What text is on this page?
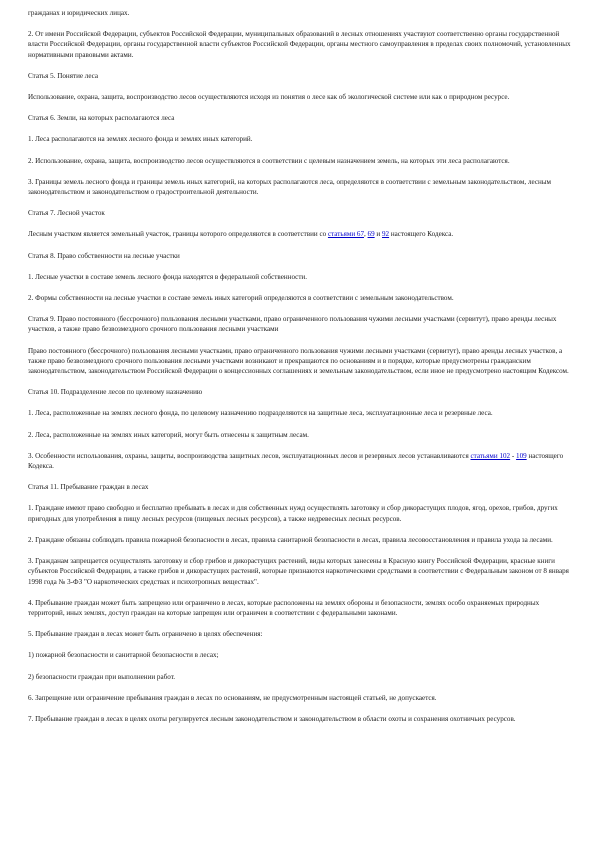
гражданах и юридических лицах.

2. От имени Российской Федерации, субъектов Российской Федерации, муниципальных образований в лесных отношениях участвуют соответственно органы государственной власти Российской Федерации, органы государственной власти субъектов Российской Федерации, органы местного самоуправления в пределах своих полномочий, установленных нормативными правовыми актами.

Статья 5. Понятие леса

Использование, охрана, защита, воспроизводство лесов осуществляются исходя из понятия о лесе как об экологической системе или как о природном ресурсе.

Статья 6. Земли, на которых располагаются леса

1. Леса располагаются на землях лесного фонда и землях иных категорий.

2. Использование, охрана, защита, воспроизводство лесов осуществляются в соответствии с целевым назначением земель, на которых эти леса располагаются.

3. Границы земель лесного фонда и границы земель иных категорий, на которых располагаются леса, определяются в соответствии с земельным законодательством, лесным законодательством и законодательством о градостроительной деятельности.

Статья 7. Лесной участок

Лесным участком является земельный участок, границы которого определяются в соответствии со статьями 67, 69 и 92 настоящего Кодекса.

Статья 8. Право собственности на лесные участки

1. Лесные участки в составе земель лесного фонда находятся в федеральной собственности.

2. Формы собственности на лесные участки в составе земель иных категорий определяются в соответствии с земельным законодательством.

Статья 9. Право постоянного (бессрочного) пользования лесными участками, право ограниченного пользования чужими лесными участками (сервитут), право аренды лесных участков, а также право безвозмездного срочного пользования лесными участками

Право постоянного (бессрочного) пользования лесными участками, право ограниченного пользования чужими лесными участками (сервитут), право аренды лесных участков, а также право безвозмездного срочного пользования лесными участками возникают и прекращаются по основаниям и в порядке, которые предусмотрены гражданским законодательством, законодательством Российской Федерации о концессионных соглашениях и земельным законодательством, если иное не предусмотрено настоящим Кодексом.

Статья 10. Подразделение лесов по целевому назначению

1. Леса, расположенные на землях лесного фонда, по целевому назначению подразделяются на защитные леса, эксплуатационные леса и резервные леса.

2. Леса, расположенные на землях иных категорий, могут быть отнесены к защитным лесам.

3. Особенности использования, охраны, защиты, воспроизводства защитных лесов, эксплуатационных лесов и резервных лесов устанавливаются статьями 102 - 109 настоящего Кодекса.

Статья 11. Пребывание граждан в лесах

1. Граждане имеют право свободно и бесплатно пребывать в лесах и для собственных нужд осуществлять заготовку и сбор дикорастущих плодов, ягод, орехов, грибов, других пригодных для употребления в пищу лесных ресурсов (пищевых лесных ресурсов), а также недревесных лесных ресурсов.

2. Граждане обязаны соблюдать правила пожарной безопасности в лесах, правила санитарной безопасности в лесах, правила лесовосстановления и правила ухода за лесами.

3. Гражданам запрещается осуществлять заготовку и сбор грибов и дикорастущих растений, виды которых занесены в Красную книгу Российской Федерации, красные книги субъектов Российской Федерации, а также грибов и дикорастущих растений, которые признаются наркотическими средствами в соответствии с Федеральным законом от 8 января 1998 года № 3-ФЗ "О наркотических средствах и психотропных веществах".

4. Пребывание граждан может быть запрещено или ограничено в лесах, которые расположены на землях обороны и безопасности, землях особо охраняемых природных территорий, иных землях, доступ граждан на которые запрещен или ограничен в соответствии с федеральными законами.

5. Пребывание граждан в лесах может быть ограничено в целях обеспечения:

1) пожарной безопасности и санитарной безопасности в лесах;

2) безопасности граждан при выполнении работ.

6. Запрещение или ограничение пребывания граждан в лесах по основаниям, не предусмотренным настоящей статьей, не допускается.

7. Пребывание граждан в лесах в целях охоты регулируется лесным законодательством и законодательством в области охоты и сохранения охотничьих ресурсов.
